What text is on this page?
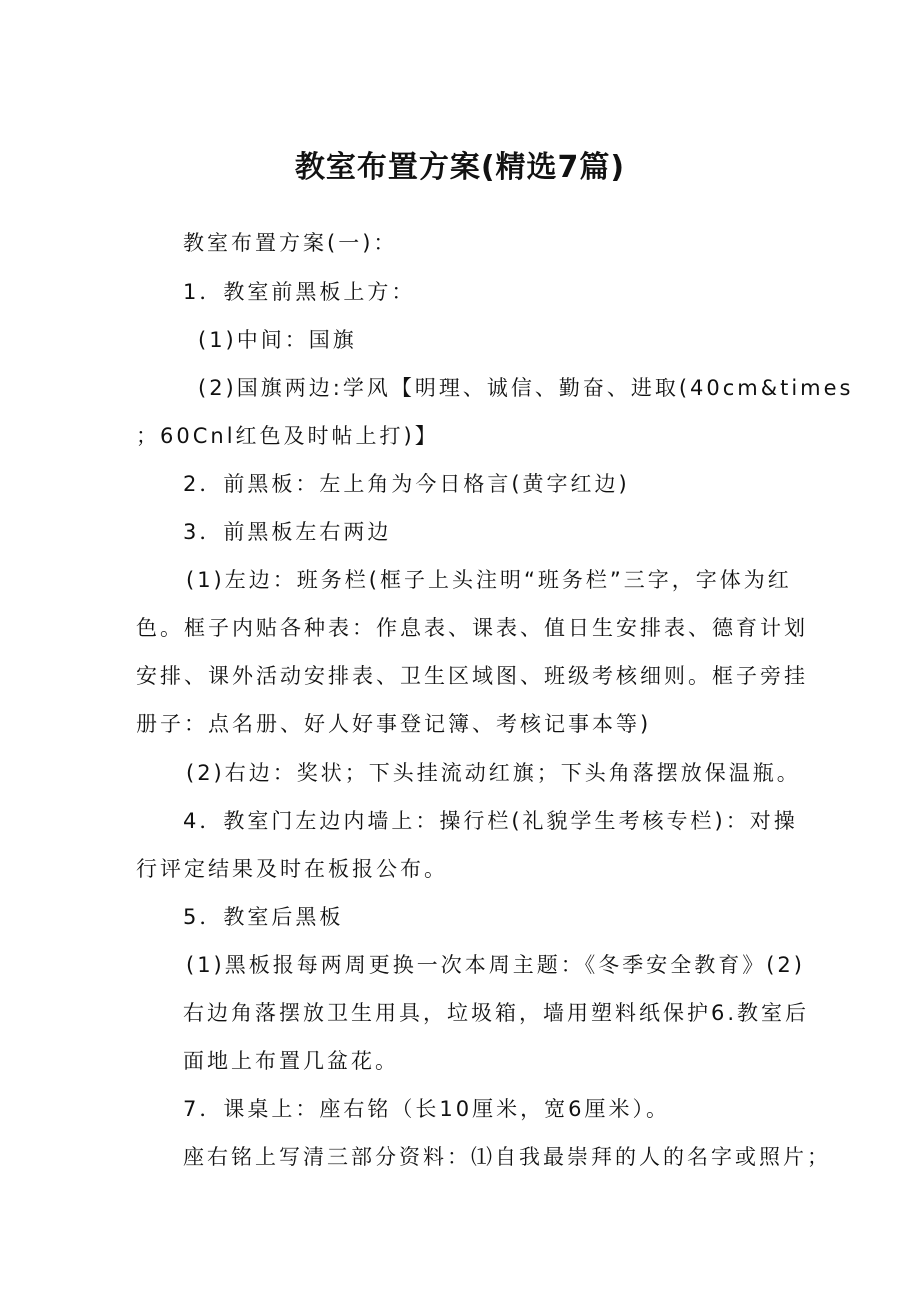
教室布置方案(精选7篇)
教室布置方案(一)：
1．教室前黑板上方：
(1)中间：国旗
(2)国旗两边:学风【明理、诚信、勤奋、进取(40cm&times
；60Cnl红色及时帖上打)】
2．前黑板：左上角为今日格言(黄字红边)
3．前黑板左右两边
(1)左边：班务栏(框子上头注明“班务栏”三字，字体为红
色。框子内贴各种表：作息表、课表、值日生安排表、德育计划
安排、课外活动安排表、卫生区域图、班级考核细则。框子旁挂
册子：点名册、好人好事登记簿、考核记事本等)
(2)右边：奖状；下头挂流动红旗；下头角落摆放保温瓶。
4．教室门左边内墙上：操行栏(礼貌学生考核专栏)：对操
行评定结果及时在板报公布。
5．教室后黑板
(1)黑板报每两周更换一次本周主题：《冬季安全教育》(2)
右边角落摆放卫生用具，垃圾箱，墙用塑料纸保护6.教室后
面地上布置几盆花。
7．课桌上：座右铭（长10厘米，宽6厘米）。
座右铭上写清三部分资料：⑴自我最崇拜的人的名字或照片；
